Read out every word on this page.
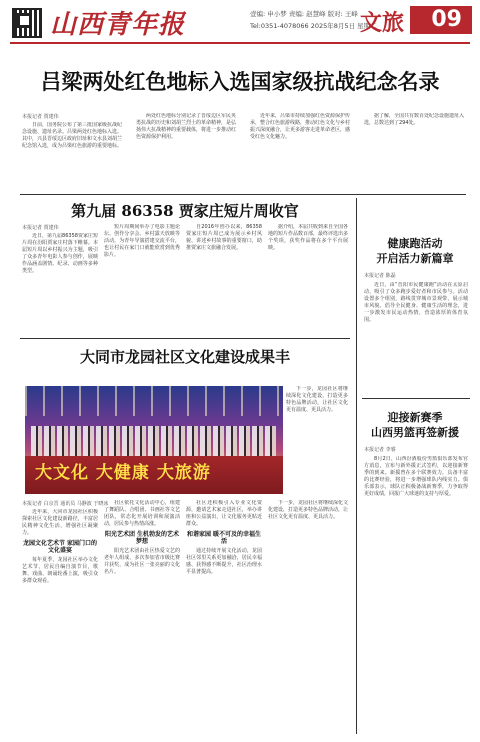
山西青年报	壹编: 申小梦 责编: 赵慧峰 版对: 王峰
Tel:0351-4078066 2025年8月5日 星期二
文旅	09
吕梁两处红色地标入选国家级抗战纪念名录
本报记者 贾建伟

日前，国务院公布了第三批国家级抗战纪念设施、遗址名录。吕梁两处红色地标入选。其中，兴县晋绥边区政府旧址和文水县刘胡兰纪念馆入选，成为吕梁红色旅游的重要地标。

两处红色地标分别记录了晋绥边区军民英勇抗战的历史和刘胡兰烈士的革命精神，是弘扬伟大抗战精神的重要载体，将进一步推动红色资源保护利用。

近年来，吕梁市持续加强红色资源保护传承，整合红色旅游线路，推动红色文化与乡村振兴深度融合，让更多游客走进革命老区，感受红色文化魅力。

据了解，全国共有数百处纪念设施遗址入选，总数达到了294处。

第九届 86358 贾家庄短片周收官
本报记者 贾建伟

近日，第九届86358贾家庄短片周在汾阳贾家庄村落下帷幕。本届短片周以乡村振兴为主题，吸引了众多青年电影人参与创作，展映作品涵盖剧情、纪录、动画等多种类型。

短片周期间举办了电影主题论坛、创作分享会、乡村露天放映等活动，为青年导演搭建交流平台，也让村民在家门口就能欣赏到优秀影片。

自2016年创办以来，86358贾家庄短片周已成为展示乡村风貌、讲述乡村故事的重要窗口，助推贾家庄文旅融合发展。

据介绍，本届共收到来自全国各地的短片作品数百部，最终评选出多个奖项，获奖作品将在多个平台展映。

大同市龙园社区文化建设成果丰
大文化 大健康 大旅游

下一步，龙园社区将继续深化文化建设，打造更多特色品牌活动，让社区文化更有温度、更具活力。

本报记者 白京晋 通讯员 马静波 于晓冰

近年来，大同市龙园社区积极探索社区文化建设新路径，丰富居民精神文化生活，增强社区凝聚力。

龙园文化艺术节 家园门口的文化盛宴

每年夏季，龙园社区举办文化艺术节，居民自编自演节目，歌舞、戏曲、朗诵轮番上演，吸引众多群众观看。

社区依托文化活动中心，组建了舞蹈队、合唱团、书画社等文艺团队，常态化开展培训和展演活动，居民参与热情高涨。

阳光艺术团 生机勃发的艺术梦想

阳光艺术团由社区热爱文艺的老年人组成，多次参加省市级比赛并获奖，成为社区一张亮丽的文化名片。

社区还积极引入专业文化资源，邀请艺术家走进社区，举办讲座和公益演出，让文化服务更贴近群众。

和谐家园 暖不可及的幸福生活

通过持续开展文化活动，龙园社区邻里关系更加融洽，居民幸福感、获得感不断提升，社区治理水平显著提高。

下一步，龙园社区将继续深化文化建设，打造更多特色品牌活动，让社区文化更有温度、更具活力。

健康跑活动
开启活力新篇章
本报记者 陈磊

近日，由“晋阳市民健康跑”活动在太原启动，吸引了众多跑步爱好者和市民参与。活动设置多个组别，路线贯穿城市景观带，展示城市风貌，倡导全民健身、健康生活的理念，进一步激发市民运动热情，营造浓厚的体育氛围。

迎接新赛季
山西男篮再签新援
本报记者 李睿

8月2日，山西汾酒股份男篮俱乐部发布官方消息，宣布与新外援正式签约，以迎接新赛季的到来。新援曾在多个联赛效力，具备丰富的比赛经验，将进一步增强球队内线实力。俱乐部表示，球队正积极备战新赛季，力争取得更好成绩，回报广大球迷的支持与厚爱。
